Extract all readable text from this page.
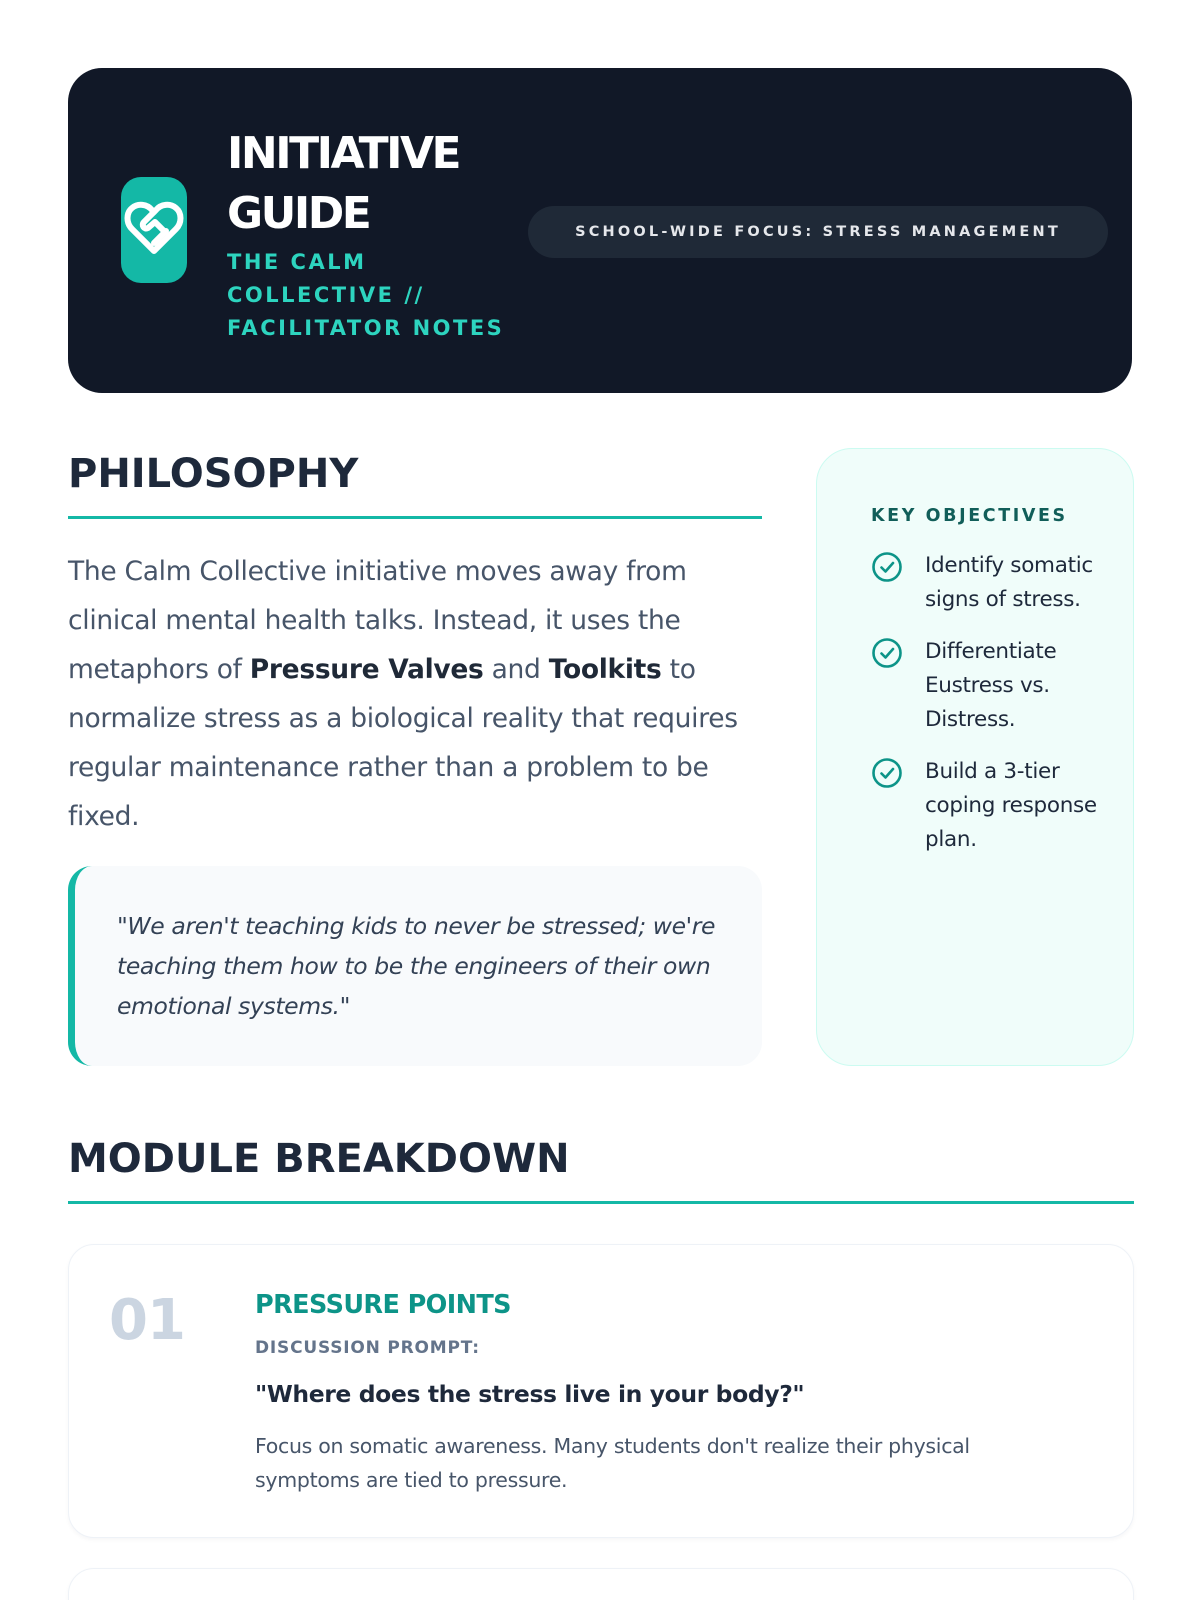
INITIATIVE
GUIDE
THE CALM
COLLECTIVE //
FACILITATOR NOTES
SCHOOL-WIDE FOCUS: STRESS MANAGEMENT
PHILOSOPHY

The Calm Collective initiative moves away from clinical mental health talks. Instead, it uses the metaphors of Pressure Valves and Toolkits to normalize stress as a biological reality that requires regular maintenance rather than a problem to be fixed.

"We aren't teaching kids to never be stressed; we're teaching them how to be the engineers of their own emotional systems."

KEY OBJECTIVES
Identify somatic signs of stress.
Differentiate Eustress vs. Distress.
Build a 3-tier coping response plan.
MODULE BREAKDOWN
01	PRESSURE POINTS
DISCUSSION PROMPT:
"Where does the stress live in your body?"

Focus on somatic awareness. Many students don't realize their physical symptoms are tied to pressure.
